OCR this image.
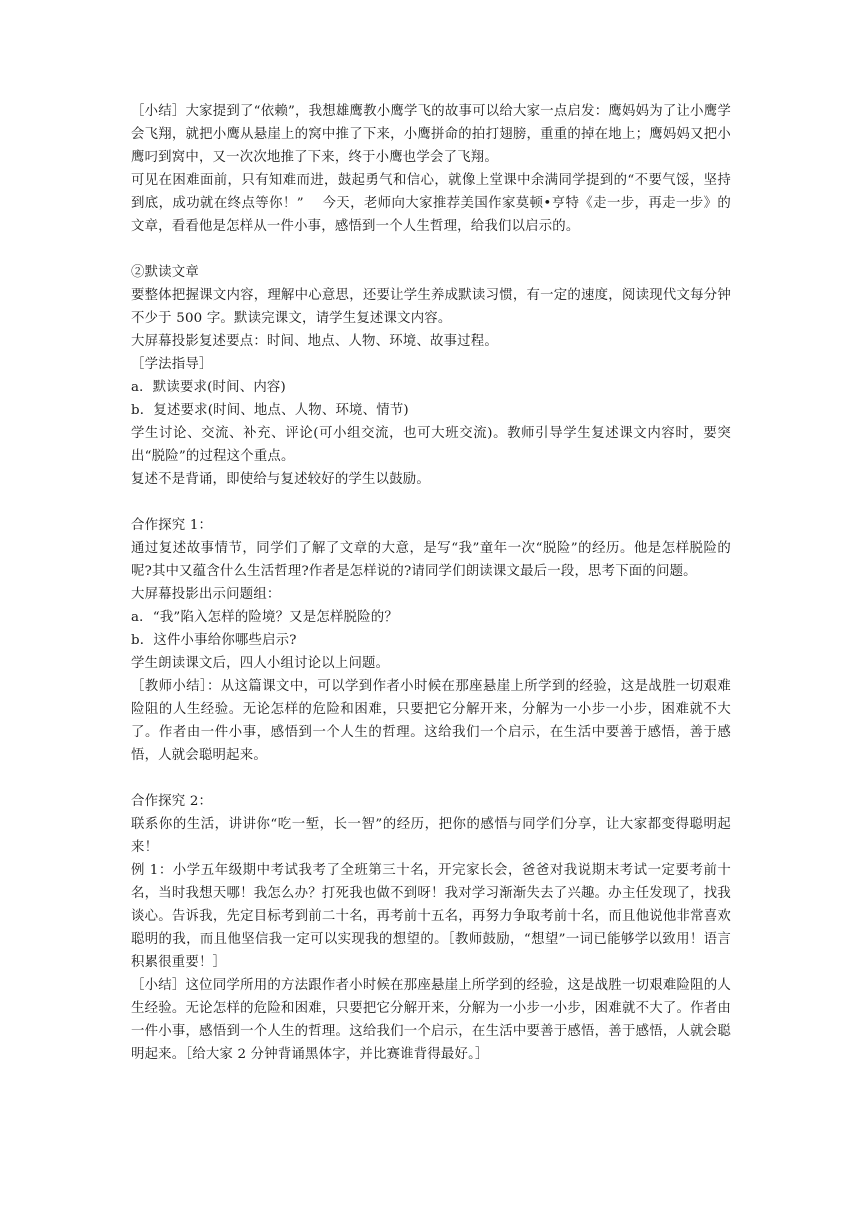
［小结］大家提到了“依赖”，我想雄鹰教小鹰学飞的故事可以给大家一点启发：鹰妈妈为了让小鹰学会飞翔，就把小鹰从悬崖上的窝中推了下来，小鹰拼命的拍打翅膀，重重的掉在地上；鹰妈妈又把小鹰叼到窝中，又一次次地推了下来，终于小鹰也学会了飞翔。

可见在困难面前，只有知难而进，鼓起勇气和信心，就像上堂课中余满同学提到的“不要气馁，坚持到底，成功就在终点等你！”　 今天，老师向大家推荐美国作家莫顿•亨特《走一步，再走一步》的文章，看看他是怎样从一件小事，感悟到一个人生哲理，给我们以启示的。

②默读文章

要整体把握课文内容，理解中心意思，还要让学生养成默读习惯，有一定的速度，阅读现代文每分钟不少于 500 字。默读完课文，请学生复述课文内容。

大屏幕投影复述要点：时间、地点、人物、环境、故事过程。

［学法指导］

a．默读要求(时间、内容)

b．复述要求(时间、地点、人物、环境、情节)

学生讨论、交流、补充、评论(可小组交流，也可大班交流)。教师引导学生复述课文内容时，要突出“脱险”的过程这个重点。

复述不是背诵，即使给与复述较好的学生以鼓励。

合作探究 1：

通过复述故事情节，同学们了解了文章的大意，是写“我”童年一次“脱险”的经历。他是怎样脱险的呢?其中又蕴含什么生活哲理?作者是怎样说的?请同学们朗读课文最后一段，思考下面的问题。

大屏幕投影出示问题组：

a．“我”陷入怎样的险境？又是怎样脱险的？

b．这件小事给你哪些启示?

学生朗读课文后，四人小组讨论以上问题。

［教师小结］：从这篇课文中，可以学到作者小时候在那座悬崖上所学到的经验，这是战胜一切艰难险阻的人生经验。无论怎样的危险和困难，只要把它分解开来，分解为一小步一小步，困难就不大了。作者由一件小事，感悟到一个人生的哲理。这给我们一个启示，在生活中要善于感悟，善于感悟，人就会聪明起来。

合作探究 2：

联系你的生活，讲讲你“吃一堑，长一智”的经历，把你的感悟与同学们分享，让大家都变得聪明起来！

例 1：小学五年级期中考试我考了全班第三十名，开完家长会，爸爸对我说期末考试一定要考前十名，当时我想天哪！我怎么办？打死我也做不到呀！我对学习渐渐失去了兴趣。办主任发现了，找我谈心。告诉我，先定目标考到前二十名，再考前十五名，再努力争取考前十名，而且他说他非常喜欢聪明的我，而且他坚信我一定可以实现我的想望的。［教师鼓励，“想望”一词已能够学以致用！语言积累很重要！］

［小结］这位同学所用的方法跟作者小时候在那座悬崖上所学到的经验，这是战胜一切艰难险阻的人生经验。无论怎样的危险和困难，只要把它分解开来，分解为一小步一小步，困难就不大了。作者由一件小事，感悟到一个人生的哲理。这给我们一个启示，在生活中要善于感悟，善于感悟，人就会聪明起来。［给大家 2 分钟背诵黑体字，并比赛谁背得最好。］
